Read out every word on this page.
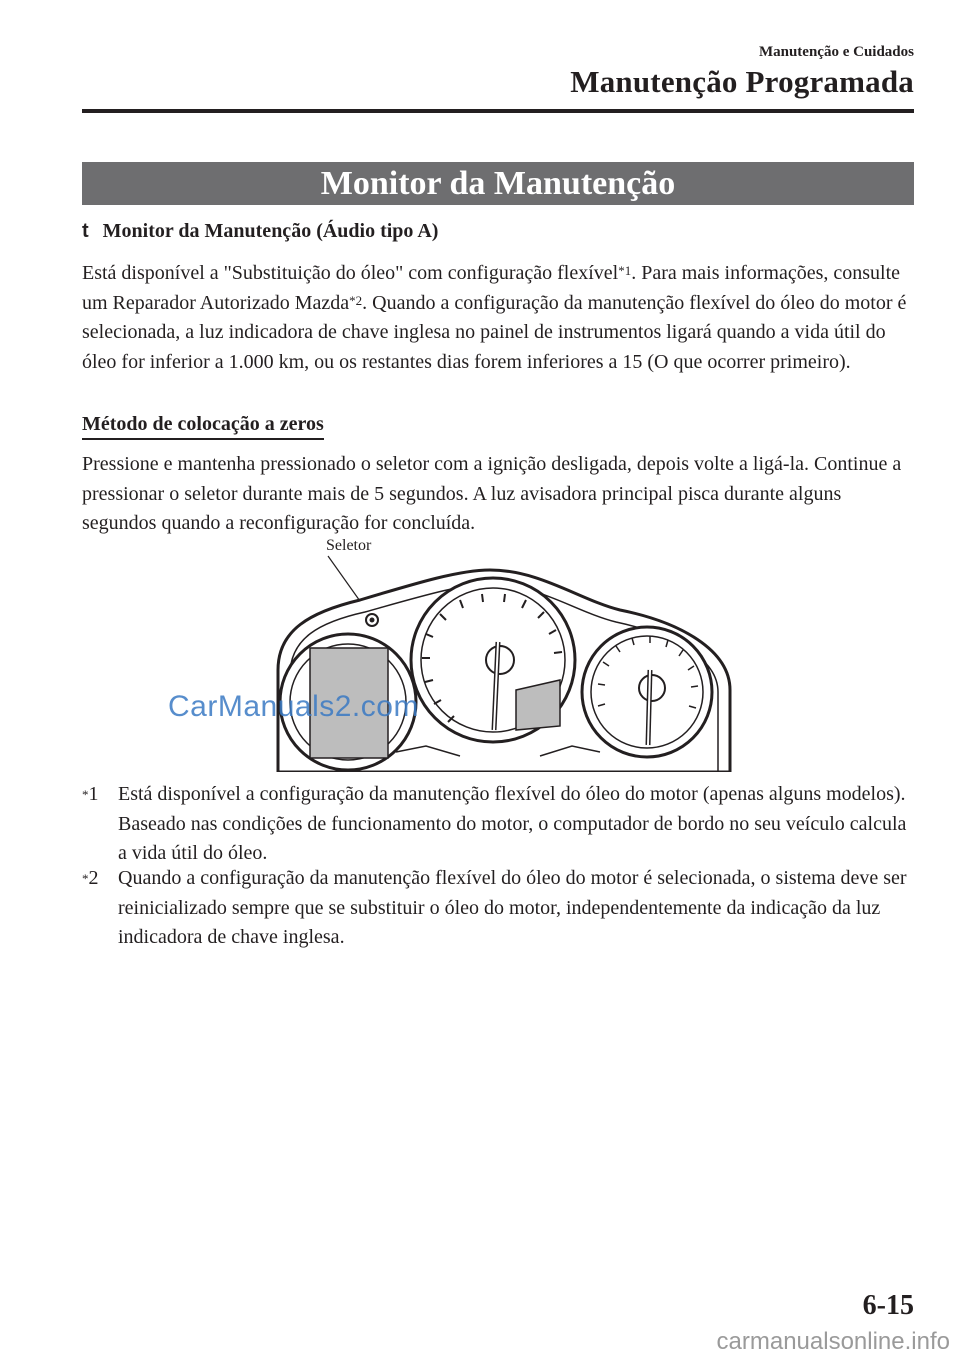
Manutenção e Cuidados
Manutenção Programada
Monitor da Manutenção
t Monitor da Manutenção (Áudio tipo A)

Está disponível a "Substituição do óleo" com configuração flexível$^{*1}$. Para mais informações, consulte um Reparador Autorizado Mazda$^{*2}$. Quando a configuração da manutenção flexível do óleo do motor é selecionada, a luz indicadora de chave inglesa no painel de instrumentos ligará quando a vida útil do óleo for inferior a 1.000 km, ou os restantes dias forem inferiores a 15 (O que ocorrer primeiro).

Método de colocação a zeros

Pressione e mantenha pressionado o seletor com a ignição desligada, depois volte a ligá-la. Continue a pressionar o seletor durante mais de 5 segundos. A luz avisadora principal pisca durante alguns segundos quando a reconfiguração for concluída.

Seletor
CarManuals2.com
*1 Está disponível a configuração da manutenção flexível do óleo do motor (apenas alguns modelos). Baseado nas condições de funcionamento do motor, o computador de bordo no seu veículo calcula a vida útil do óleo.
*2 Quando a configuração da manutenção flexível do óleo do motor é selecionada, o sistema deve ser reinicializado sempre que se substituir o óleo do motor, independentemente da indicação da luz indicadora de chave inglesa.
6-15
carmanualsonline.info
